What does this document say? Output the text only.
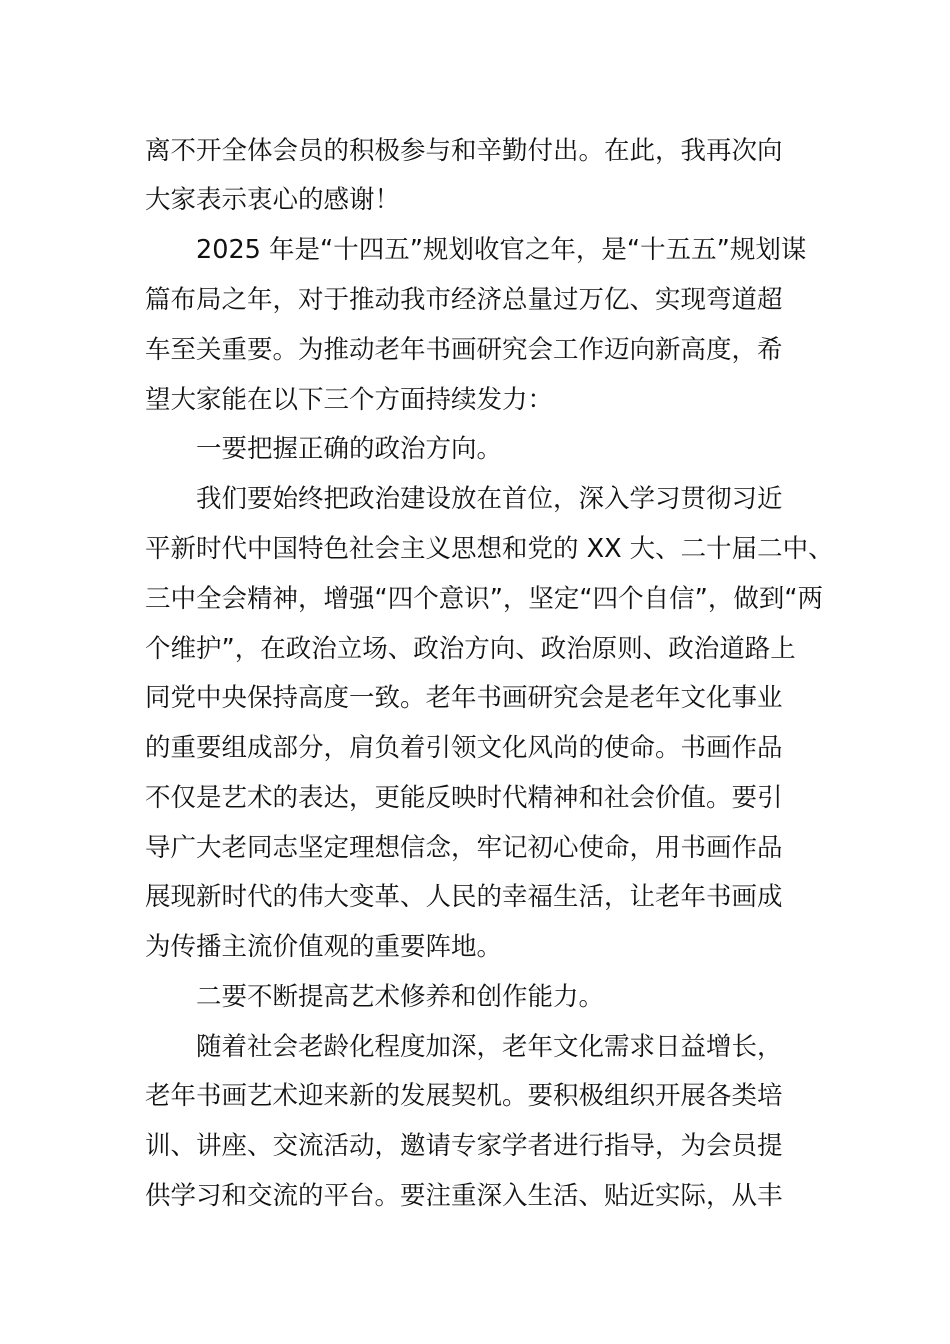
离不开全体会员的积极参与和辛勤付出。在此，我再次向
大家表示衷心的感谢！
2025 年是“十四五”规划收官之年，是“十五五”规划谋
篇布局之年，对于推动我市经济总量过万亿、实现弯道超
车至关重要。为推动老年书画研究会工作迈向新高度，希
望大家能在以下三个方面持续发力：
一要把握正确的政治方向。
我们要始终把政治建设放在首位，深入学习贯彻习近
平新时代中国特色社会主义思想和党的 XX 大、二十届二中、
三中全会精神，增强“四个意识”，坚定“四个自信”，做到“两
个维护”，在政治立场、政治方向、政治原则、政治道路上
同党中央保持高度一致。老年书画研究会是老年文化事业
的重要组成部分，肩负着引领文化风尚的使命。书画作品
不仅是艺术的表达，更能反映时代精神和社会价值。要引
导广大老同志坚定理想信念，牢记初心使命，用书画作品
展现新时代的伟大变革、人民的幸福生活，让老年书画成
为传播主流价值观的重要阵地。
二要不断提高艺术修养和创作能力。
随着社会老龄化程度加深，老年文化需求日益增长，
老年书画艺术迎来新的发展契机。要积极组织开展各类培
训、讲座、交流活动，邀请专家学者进行指导，为会员提
供学习和交流的平台。要注重深入生活、贴近实际，从丰
